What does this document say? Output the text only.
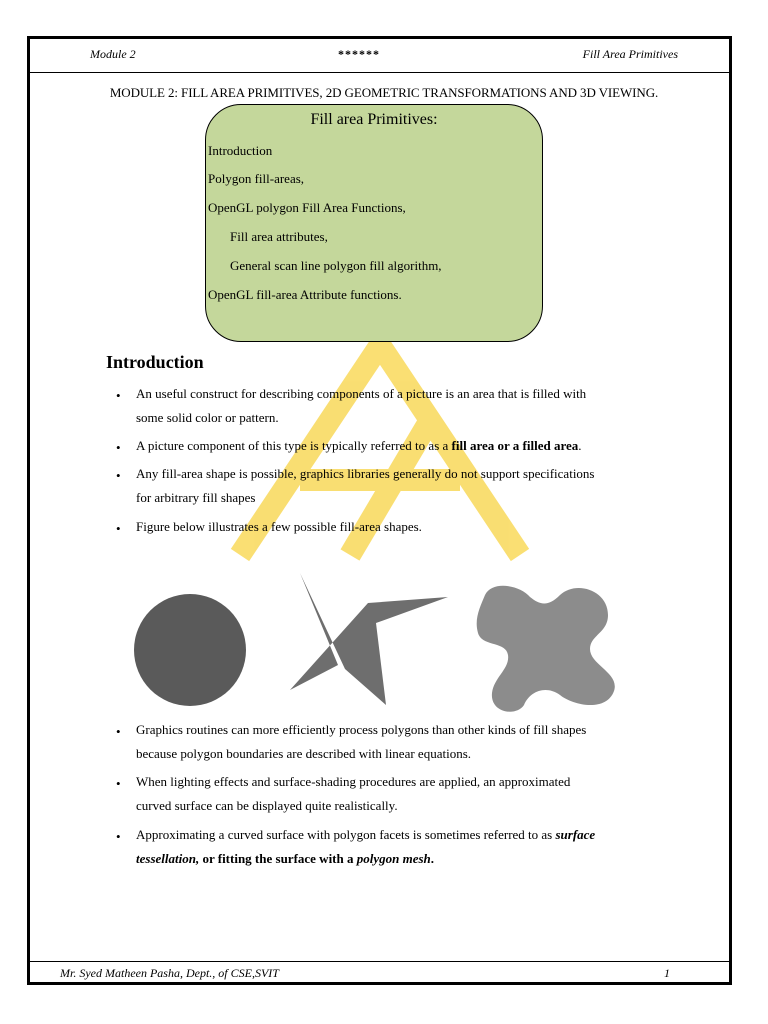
Module 2	******	Fill Area Primitives
MODULE 2: FILL AREA PRIMITIVES, 2D GEOMETRIC TRANSFORMATIONS AND 3D VIEWING.
Fill area Primitives:
Introduction
Polygon fill-areas,
OpenGL polygon Fill Area Functions,
Fill area attributes,
General scan line polygon fill algorithm,
OpenGL fill-area Attribute functions.
Introduction
• An useful construct for describing components of a picture is an area that is filled with
some solid color or pattern.
• A picture component of this type is typically referred to as a fill area or a filled area.
• Any fill-area shape is possible, graphics libraries generally do not support specifications
for arbitrary fill shapes
• Figure below illustrates a few possible fill-area shapes.
• Graphics routines can more efficiently process polygons than other kinds of fill shapes
because polygon boundaries are described with linear equations.
• When lighting effects and surface-shading procedures are applied, an approximated
curved surface can be displayed quite realistically.
• Approximating a curved surface with polygon facets is sometimes referred to as surface
tessellation, or fitting the surface with a polygon mesh.
Mr. Syed Matheen Pasha, Dept., of CSE,SVIT	1
